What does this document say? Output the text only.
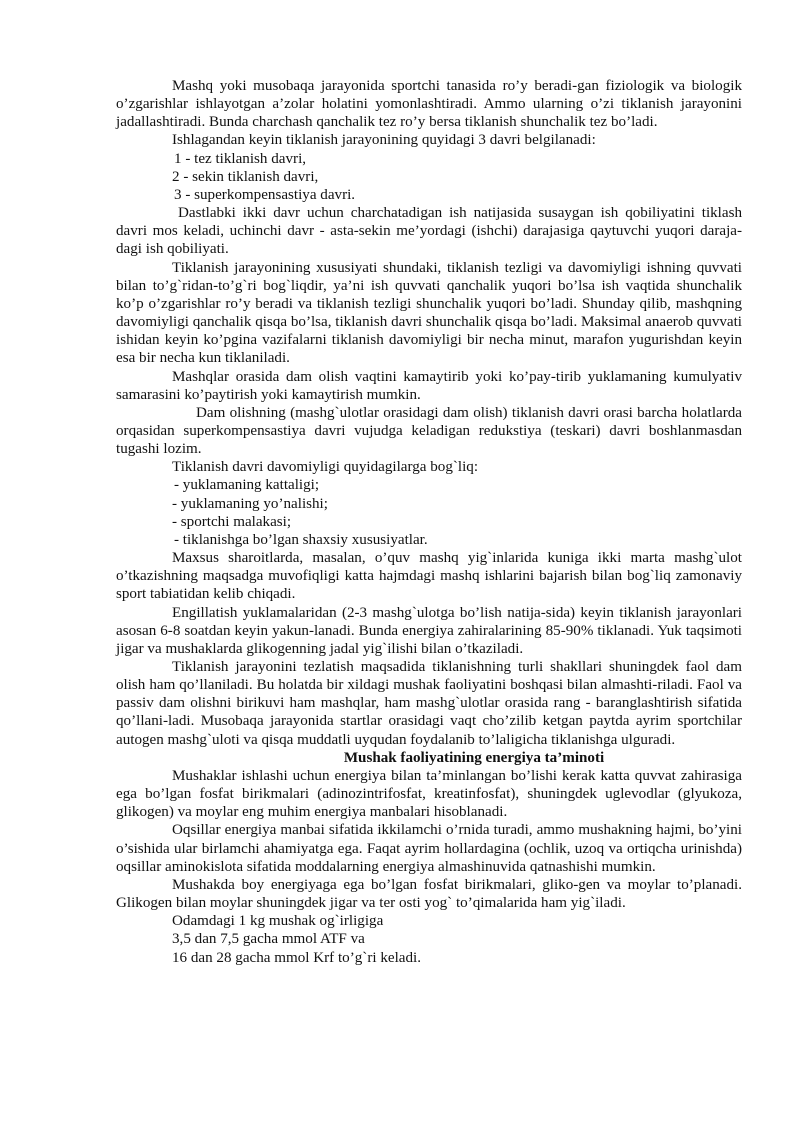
Mashq yoki musobaqa jarayonida sportchi tanasida ro’y beradi-gan fiziologik va biologik o’zgarishlar ishlayotgan a’zolar holatini yomonlashtiradi. Ammo ularning o’zi tiklanish jarayonini jadallashtiradi. Bunda charchash qanchalik tez ro’y bersa tiklanish shunchalik tez bo’ladi.

Ishlagandan keyin tiklanish jarayonining quyidagi 3 davri belgilanadi:

1 - tez tiklanish davri,

2 - sekin tiklanish davri,

3 - superkompensastiya davri.

Dastlabki ikki davr uchun charchatadigan ish natijasida susaygan ish qobiliyatini tiklash davri mos keladi, uchinchi davr - asta-sekin me’yordagi (ishchi) darajasiga qaytuvchi yuqori daraja-dagi ish qobiliyati.

Tiklanish jarayonining xususiyati shundaki, tiklanish tezligi va davomiyligi ishning quvvati bilan to’g`ridan-to’g`ri bog`liqdir, ya’ni ish quvvati qanchalik yuqori bo’lsa ish vaqtida shunchalik ko’p o’zgarishlar ro’y beradi va tiklanish tezligi shunchalik yuqori bo’ladi. Shunday qilib, mashqning davomiyligi qanchalik qisqa bo’lsa, tiklanish davri shunchalik qisqa bo’ladi. Maksimal anaerob quvvati ishidan keyin ko’pgina vazifalarni tiklanish davomiyligi bir necha minut, marafon yugurishdan keyin esa bir necha kun tiklaniladi.

Mashqlar orasida dam olish vaqtini kamaytirib yoki ko’pay-tirib yuklamaning kumulyativ samarasini ko’paytirish yoki kamaytirish mumkin.

Dam olishning (mashg`ulotlar orasidagi dam olish) tiklanish davri orasi barcha holatlarda orqasidan superkompensastiya davri vujudga keladigan redukstiya (teskari) davri boshlanmasdan tugashi lozim.

Tiklanish davri davomiyligi quyidagilarga bog`liq:

- yuklamaning kattaligi;

- yuklamaning yo’nalishi;

- sportchi malakasi;

- tiklanishga bo’lgan shaxsiy xususiyatlar.

Maxsus sharoitlarda, masalan, o’quv mashq yig`inlarida kuniga ikki marta mashg`ulot o’tkazishning maqsadga muvofiqligi katta hajmdagi mashq ishlarini bajarish bilan bog`liq zamonaviy sport tabiatidan kelib chiqadi.

Engillatish yuklamalaridan (2-3 mashg`ulotga bo’lish natija-sida) keyin tiklanish jarayonlari asosan 6-8 soatdan keyin yakun-lanadi. Bunda energiya zahiralarining 85-90% tiklanadi. Yuk taqsimoti jigar va mushaklarda glikogenning jadal yig`ilishi bilan o’tkaziladi.

Tiklanish jarayonini tezlatish maqsadida tiklanishning turli shakllari shuningdek faol dam olish ham qo’llaniladi. Bu holatda bir xildagi mushak faoliyatini boshqasi bilan almashti-riladi. Faol va passiv dam olishni birikuvi ham mashqlar, ham mashg`ulotlar orasida rang - baranglashtirish sifatida qo’llani-ladi. Musobaqa jarayonida startlar orasidagi vaqt cho’zilib ketgan paytda ayrim sportchilar autogen mashg`uloti va qisqa muddatli uyqudan foydalanib to’laligicha tiklanishga ulguradi.

Mushak faoliyatining energiya ta’minoti

Mushaklar ishlashi uchun energiya bilan ta’minlangan bo’lishi kerak katta quvvat zahirasiga ega bo’lgan fosfat birikmalari (adinozintrifosfat, kreatinfosfat), shuningdek uglevodlar (glyukoza, glikogen) va moylar eng muhim energiya manbalari hisoblanadi.

Oqsillar energiya manbai sifatida ikkilamchi o’rnida turadi, ammo mushakning hajmi, bo’yini o’sishida ular birlamchi ahamiyatga ega. Faqat ayrim hollardagina (ochlik, uzoq va ortiqcha urinishda) oqsillar aminokislota sifatida moddalarning energiya almashinuvida qatnashishi mumkin.

Mushakda boy energiyaga ega bo’lgan fosfat birikmalari, gliko-gen va moylar to’planadi. Glikogen bilan moylar shuningdek jigar va ter osti yog` to’qimalarida ham yig`iladi.

Odamdagi 1 kg mushak og`irligiga

3,5 dan 7,5 gacha mmol ATF va

16 dan 28 gacha mmol Krf to’g`ri keladi.
